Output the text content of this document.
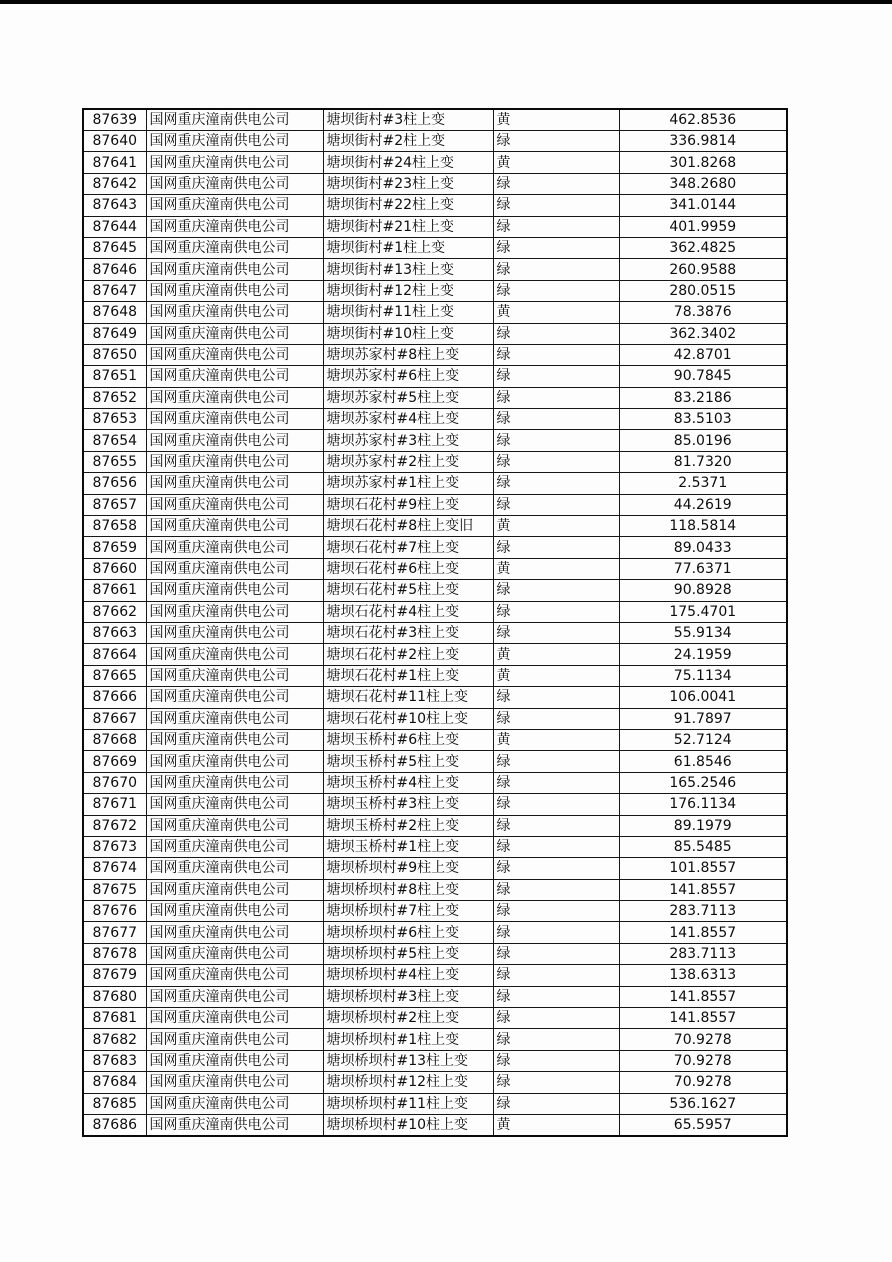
87639	国网重庆潼南供电公司	塘坝街村#3柱上变	黄	462.8536
87640	国网重庆潼南供电公司	塘坝街村#2柱上变	绿	336.9814
87641	国网重庆潼南供电公司	塘坝街村#24柱上变	黄	301.8268
87642	国网重庆潼南供电公司	塘坝街村#23柱上变	绿	348.2680
87643	国网重庆潼南供电公司	塘坝街村#22柱上变	绿	341.0144
87644	国网重庆潼南供电公司	塘坝街村#21柱上变	绿	401.9959
87645	国网重庆潼南供电公司	塘坝街村#1柱上变	绿	362.4825
87646	国网重庆潼南供电公司	塘坝街村#13柱上变	绿	260.9588
87647	国网重庆潼南供电公司	塘坝街村#12柱上变	绿	280.0515
87648	国网重庆潼南供电公司	塘坝街村#11柱上变	黄	78.3876
87649	国网重庆潼南供电公司	塘坝街村#10柱上变	绿	362.3402
87650	国网重庆潼南供电公司	塘坝苏家村#8柱上变	绿	42.8701
87651	国网重庆潼南供电公司	塘坝苏家村#6柱上变	绿	90.7845
87652	国网重庆潼南供电公司	塘坝苏家村#5柱上变	绿	83.2186
87653	国网重庆潼南供电公司	塘坝苏家村#4柱上变	绿	83.5103
87654	国网重庆潼南供电公司	塘坝苏家村#3柱上变	绿	85.0196
87655	国网重庆潼南供电公司	塘坝苏家村#2柱上变	绿	81.7320
87656	国网重庆潼南供电公司	塘坝苏家村#1柱上变	绿	2.5371
87657	国网重庆潼南供电公司	塘坝石花村#9柱上变	绿	44.2619
87658	国网重庆潼南供电公司	塘坝石花村#8柱上变旧	黄	118.5814
87659	国网重庆潼南供电公司	塘坝石花村#7柱上变	绿	89.0433
87660	国网重庆潼南供电公司	塘坝石花村#6柱上变	黄	77.6371
87661	国网重庆潼南供电公司	塘坝石花村#5柱上变	绿	90.8928
87662	国网重庆潼南供电公司	塘坝石花村#4柱上变	绿	175.4701
87663	国网重庆潼南供电公司	塘坝石花村#3柱上变	绿	55.9134
87664	国网重庆潼南供电公司	塘坝石花村#2柱上变	黄	24.1959
87665	国网重庆潼南供电公司	塘坝石花村#1柱上变	黄	75.1134
87666	国网重庆潼南供电公司	塘坝石花村#11柱上变	绿	106.0041
87667	国网重庆潼南供电公司	塘坝石花村#10柱上变	绿	91.7897
87668	国网重庆潼南供电公司	塘坝玉桥村#6柱上变	黄	52.7124
87669	国网重庆潼南供电公司	塘坝玉桥村#5柱上变	绿	61.8546
87670	国网重庆潼南供电公司	塘坝玉桥村#4柱上变	绿	165.2546
87671	国网重庆潼南供电公司	塘坝玉桥村#3柱上变	绿	176.1134
87672	国网重庆潼南供电公司	塘坝玉桥村#2柱上变	绿	89.1979
87673	国网重庆潼南供电公司	塘坝玉桥村#1柱上变	绿	85.5485
87674	国网重庆潼南供电公司	塘坝桥坝村#9柱上变	绿	101.8557
87675	国网重庆潼南供电公司	塘坝桥坝村#8柱上变	绿	141.8557
87676	国网重庆潼南供电公司	塘坝桥坝村#7柱上变	绿	283.7113
87677	国网重庆潼南供电公司	塘坝桥坝村#6柱上变	绿	141.8557
87678	国网重庆潼南供电公司	塘坝桥坝村#5柱上变	绿	283.7113
87679	国网重庆潼南供电公司	塘坝桥坝村#4柱上变	绿	138.6313
87680	国网重庆潼南供电公司	塘坝桥坝村#3柱上变	绿	141.8557
87681	国网重庆潼南供电公司	塘坝桥坝村#2柱上变	绿	141.8557
87682	国网重庆潼南供电公司	塘坝桥坝村#1柱上变	绿	70.9278
87683	国网重庆潼南供电公司	塘坝桥坝村#13柱上变	绿	70.9278
87684	国网重庆潼南供电公司	塘坝桥坝村#12柱上变	绿	70.9278
87685	国网重庆潼南供电公司	塘坝桥坝村#11柱上变	绿	536.1627
87686	国网重庆潼南供电公司	塘坝桥坝村#10柱上变	黄	65.5957
